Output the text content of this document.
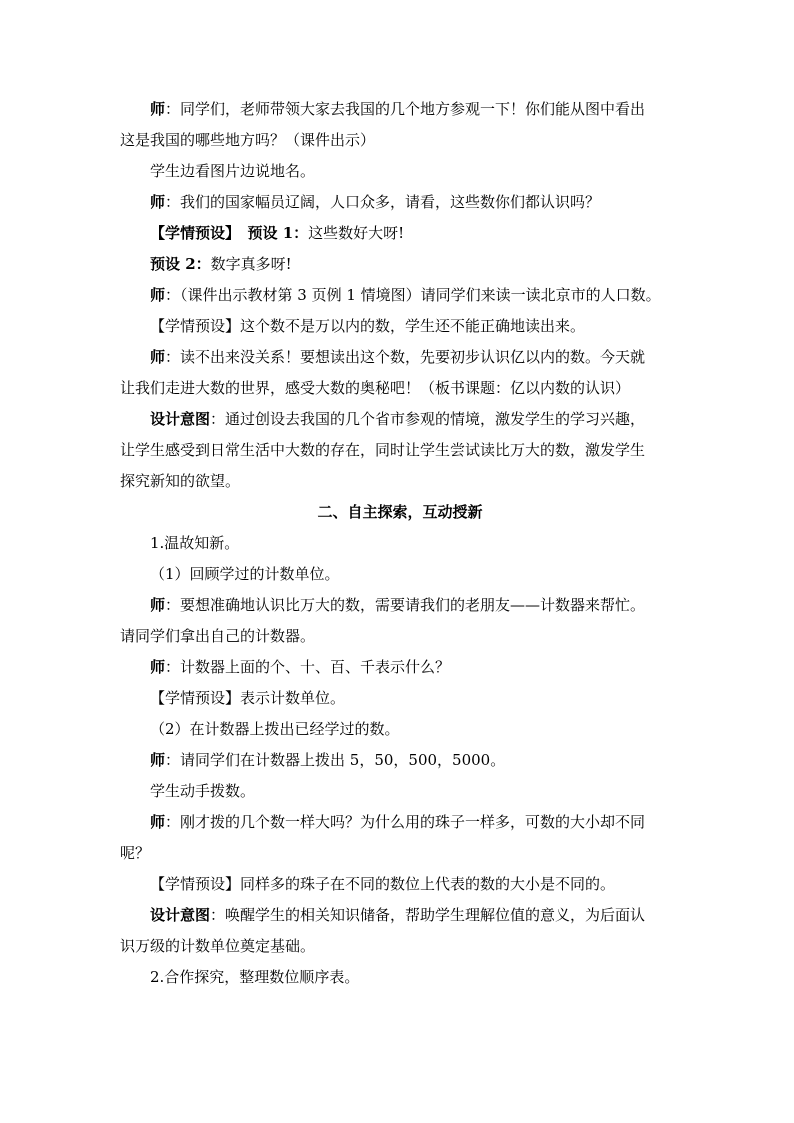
师：同学们，老师带领大家去我国的几个地方参观一下！你们能从图中看出
这是我国的哪些地方吗？（课件出示）
学生边看图片边说地名。
师：我们的国家幅员辽阔，人口众多，请看，这些数你们都认识吗？
【学情预设】　预设 1：这些数好大呀!
预设 2：数字真多呀!
师：（课件出示教材第 3 页例 1 情境图）请同学们来读一读北京市的人口数。
【学情预设】这个数不是万以内的数，学生还不能正确地读出来。
师：读不出来没关系！要想读出这个数，先要初步认识亿以内的数。今天就
让我们走进大数的世界，感受大数的奥秘吧！（板书课题：亿以内数的认识）
设计意图：通过创设去我国的几个省市参观的情境，激发学生的学习兴趣，
让学生感受到日常生活中大数的存在，同时让学生尝试读比万大的数，激发学生
探究新知的欲望。
二、自主探索，互动授新
1.温故知新。
（1）回顾学过的计数单位。
师：要想准确地认识比万大的数，需要请我们的老朋友——计数器来帮忙。
请同学们拿出自己的计数器。
师：计数器上面的个、十、百、千表示什么？
【学情预设】表示计数单位。
（2）在计数器上拨出已经学过的数。
师：请同学们在计数器上拨出 5，50，500，5000。
学生动手拨数。
师：刚才拨的几个数一样大吗？为什么用的珠子一样多，可数的大小却不同
呢？
【学情预设】同样多的珠子在不同的数位上代表的数的大小是不同的。
设计意图：唤醒学生的相关知识储备，帮助学生理解位值的意义，为后面认
识万级的计数单位奠定基础。
2.合作探究，整理数位顺序表。
